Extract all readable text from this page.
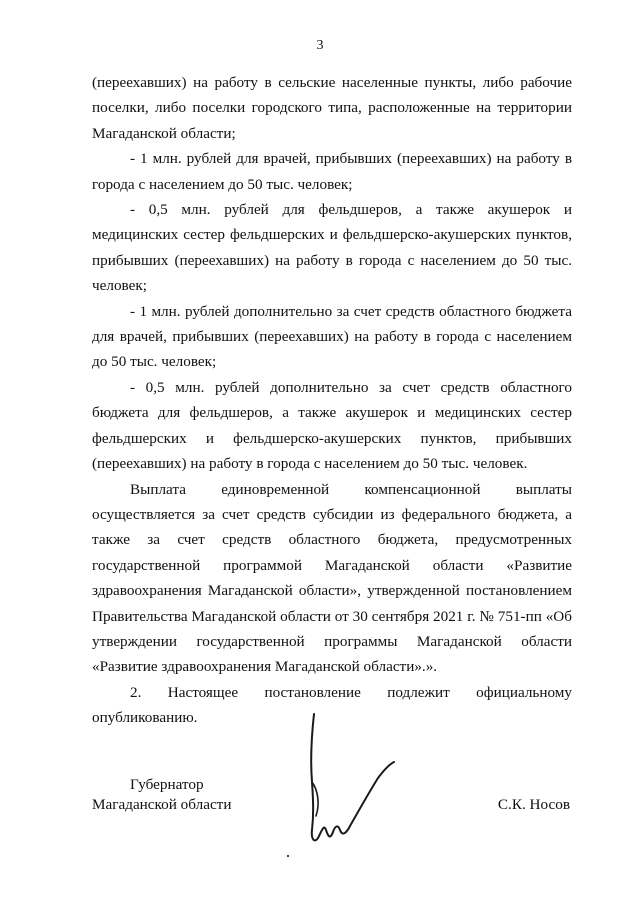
3

(переехавших) на работу в сельские населенные пункты, либо рабочие поселки, либо поселки городского типа, расположенные на территории Магаданской области;

- 1 млн. рублей для врачей, прибывших (переехавших) на работу в города с населением до 50 тыс. человек;

- 0,5 млн. рублей для фельдшеров, а также акушерок и медицинских сестер фельдшерских и фельдшерско-акушерских пунктов, прибывших (переехавших) на работу в города с населением до 50 тыс. человек;

- 1 млн. рублей дополнительно за счет средств областного бюджета для врачей, прибывших (переехавших) на работу в города с населением до 50 тыс. человек;

- 0,5 млн. рублей дополнительно за счет средств областного бюджета для фельдшеров, а также акушерок и медицинских сестер фельдшерских и фельдшерско-акушерских пунктов, прибывших (переехавших) на работу в города с населением до 50 тыс. человек.

Выплата единовременной компенсационной выплаты осуществляется за счет средств субсидии из федерального бюджета, а также за счет средств областного бюджета, предусмотренных государственной программой Магаданской области «Развитие здравоохранения Магаданской области», утвержденной постановлением Правительства Магаданской области от 30 сентября 2021 г. № 751-пп «Об утверждении государственной программы Магаданской области «Развитие здравоохранения Магаданской области».».

2. Настоящее постановление подлежит официальному опубликованию.

Губернатор
Магаданской области	С.К. Носов
